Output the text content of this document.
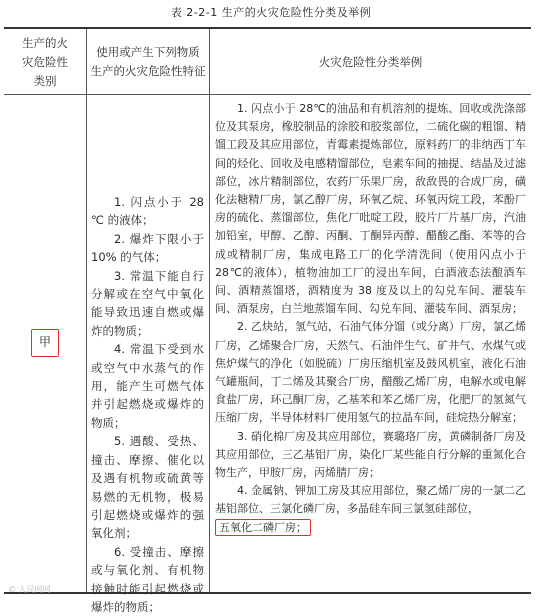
表 2-2-1 生产的火灾危险性分类及举例
生产的火
灾危险性
类别
使用或产生下列物质
生产的火灾危险性特征
火灾危险性分类举例
甲

1. 闪点小于 28 ℃ 的液体；

2. 爆炸下限小于 10% 的气体；

3. 常温下能自行分解或在空气中氧化能导致迅速自燃或爆炸的物质；

4. 常温下受到水或空气中水蒸气的作用，能产生可燃气体并引起燃烧或爆炸的物质；

5. 遇酸、受热、撞击、摩擦、催化以及遇有机物或硫黄等易燃的无机物，极易引起燃烧或爆炸的强氧化剂；

6. 受撞击、摩擦或与氧化剂、有机物接触时能引起燃烧或爆炸的物质；

1. 闪点小于 28℃的油品和有机溶剂的提炼、回收或洗涤部位及其泵房，橡胶制品的涂胶和胶浆部位，二硫化碳的粗馏、精馏工段及其应用部位，青霉素提炼部位，原料药厂的非纳西丁车间的烃化、回收及电感精馏部位，皂素车间的抽提、结晶及过滤部位，冰片精制部位，农药厂乐果厂房，敌敌畏的合成厂房，磺化法糖精厂房，氯乙醇厂房，环氧乙烷、环氧丙烷工段，苯酚厂房的硫化、蒸馏部位，焦化厂吡啶工段，胶片厂片基厂房，汽油加铅室，甲醇、乙醇、丙酮、丁酮异丙醇、醋酸乙酯、苯等的合成或精制厂房，集成电路工厂的化学清洗间（使用闪点小于 28℃的液体），植物油加工厂的浸出车间，白酒液态法酿酒车间、酒精蒸馏塔，酒精度为 38 度及以上的勾兑车间、灌装车间、酒泵房，白兰地蒸馏车间、勾兑车间、灌装车间、酒泵房；

2. 乙炔站，氢气站，石油气体分馏（或分离）厂房，氯乙烯厂房，乙烯聚合厂房，天然气、石油伴生气、矿井气、水煤气或焦炉煤气的净化（如脱硫）厂房压缩机室及鼓风机室，液化石油气罐瓶间，丁二烯及其聚合厂房，醋酸乙烯厂房，电解水或电解食盐厂房，环己酮厂房，乙基苯和苯乙烯厂房，化肥厂的氢氮气压缩厂房，半导体材料厂使用氢气的拉晶车间，硅烷热分解室；

3. 硝化棉厂房及其应用部位，赛璐珞厂房，黄磷制备厂房及其应用部位，三乙基铝厂房，染化厂某些能自行分解的重氮化合物生产，甲胺厂房，丙烯腈厂房；

4. 金属钠、钾加工房及其应用部位，聚乙烯厂房的一氯二乙基铝部位、三氯化磷厂房，多晶硅车间三氯氢硅部位，

五氧化二磷厂房；

© 人民网网
